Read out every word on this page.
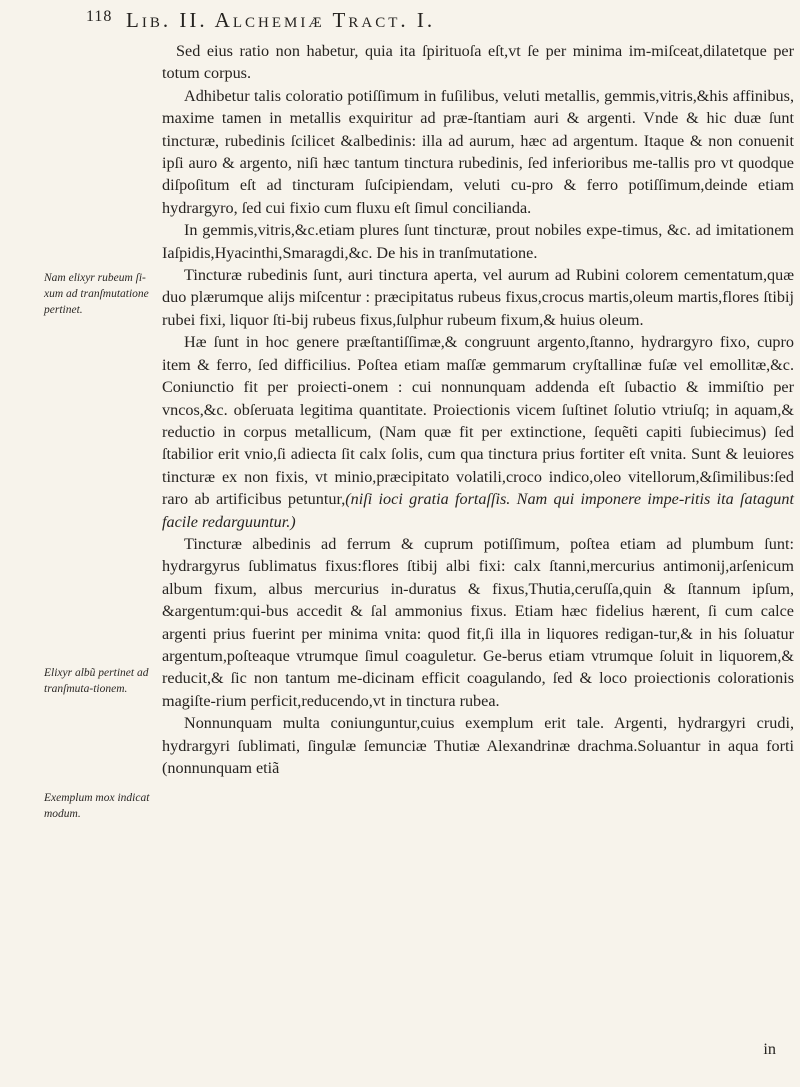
118 Lib. II. Alchemiæ Tract. I.
Nam elixyr rubeum ſi-xum ad tranſmutatione pertinet.
Elixyr albũ pertinet ad tranſmuta-tionem.
Exemplum mox indicat modum.

Sed eius ratio non habetur, quia ita ſpirituoſa eſt,vt ſe per minima im-miſceat,dilatetque per totum corpus.

Adhibetur talis coloratio potiſſimum in fuſilibus, veluti metallis, gemmis,vitris,&his affinibus, maxime tamen in metallis exquiritur ad præ-ſtantiam auri & argenti. Vnde & hic duæ ſunt tincturæ, rubedinis ſcilicet &albedinis: illa ad aurum, hæc ad argentum. Itaque & non conuenit ipſi auro & argento, niſi hæc tantum tinctura rubedinis, ſed inferioribus me-tallis pro vt quodque diſpoſitum eſt ad tincturam ſuſcipiendam, veluti cu-pro & ferro potiſſimum,deinde etiam hydrargyro, ſed cui fixio cum fluxu eſt ſimul concilianda.

In gemmis,vitris,&c.etiam plures ſunt tincturæ, prout nobiles expe-timus, &c. ad imitationem Iaſpidis,Hyacinthi,Smaragdi,&c. De his in tranſmutatione.

Tincturæ rubedinis ſunt, auri tinctura aperta, vel aurum ad Rubini colorem cementatum,quæ duo plærumque alijs miſcentur : præcipitatus rubeus fixus,crocus martis,oleum martis,flores ſtibij rubei fixi, liquor ſti-bij rubeus fixus,ſulphur rubeum fixum,& huius oleum.

Hæ ſunt in hoc genere præſtantiſſimæ,& congruunt argento,ſtanno, hydrargyro fixo, cupro item & ferro, ſed difficilius. Poſtea etiam maſſæ gemmarum cryſtallinæ fuſæ vel emollitæ,&c. Coniunctio fit per proiecti-onem : cui nonnunquam addenda eſt ſubactio & immiſtio per vncos,&c. obſeruata legitima quantitate. Proiectionis vicem ſuſtinet ſolutio vtriuſq; in aquam,& reductio in corpus metallicum, (Nam quæ fit per extinctione, ſequẽti capiti ſubiecimus) ſed ſtabilior erit vnio,ſi adiecta ſit calx ſolis, cum qua tinctura prius fortiter eſt vnita. Sunt & leuiores tincturæ ex non fixis, vt minio,præcipitato volatili,croco indico,oleo vitellorum,&ſimilibus:ſed raro ab artificibus petuntur,(niſi ioci gratia fortaſſis. Nam qui imponere impe-ritis ita ſatagunt facile redarguuntur.)

Tincturæ albedinis ad ferrum & cuprum potiſſimum, poſtea etiam ad plumbum ſunt: hydrargyrus ſublimatus fixus:flores ſtibij albi fixi: calx ſtanni,mercurius antimonij,arſenicum album fixum, albus mercurius in-duratus & fixus,Thutia,ceruſſa,quin & ſtannum ipſum, &argentum:qui-bus accedit & ſal ammonius fixus. Etiam hæc fidelius hærent, ſi cum calce argenti prius fuerint per minima vnita: quod fit,ſi illa in liquores redigan-tur,& in his ſoluatur argentum,poſteaque vtrumque ſimul coaguletur. Ge-berus etiam vtrumque ſoluit in liquorem,& reducit,& ſic non tantum me-dicinam efficit coagulando, ſed & loco proiectionis colorationis magiſte-rium perficit,reducendo,vt in tinctura rubea.

Nonnunquam multa coniunguntur,cuius exemplum erit tale. Argenti, hydrargyri crudi, hydrargyri ſublimati, ſingulæ ſemunciæ Thutiæ Alexandrinæ drachma.Soluantur in aqua forti (nonnunquam etiã

in
